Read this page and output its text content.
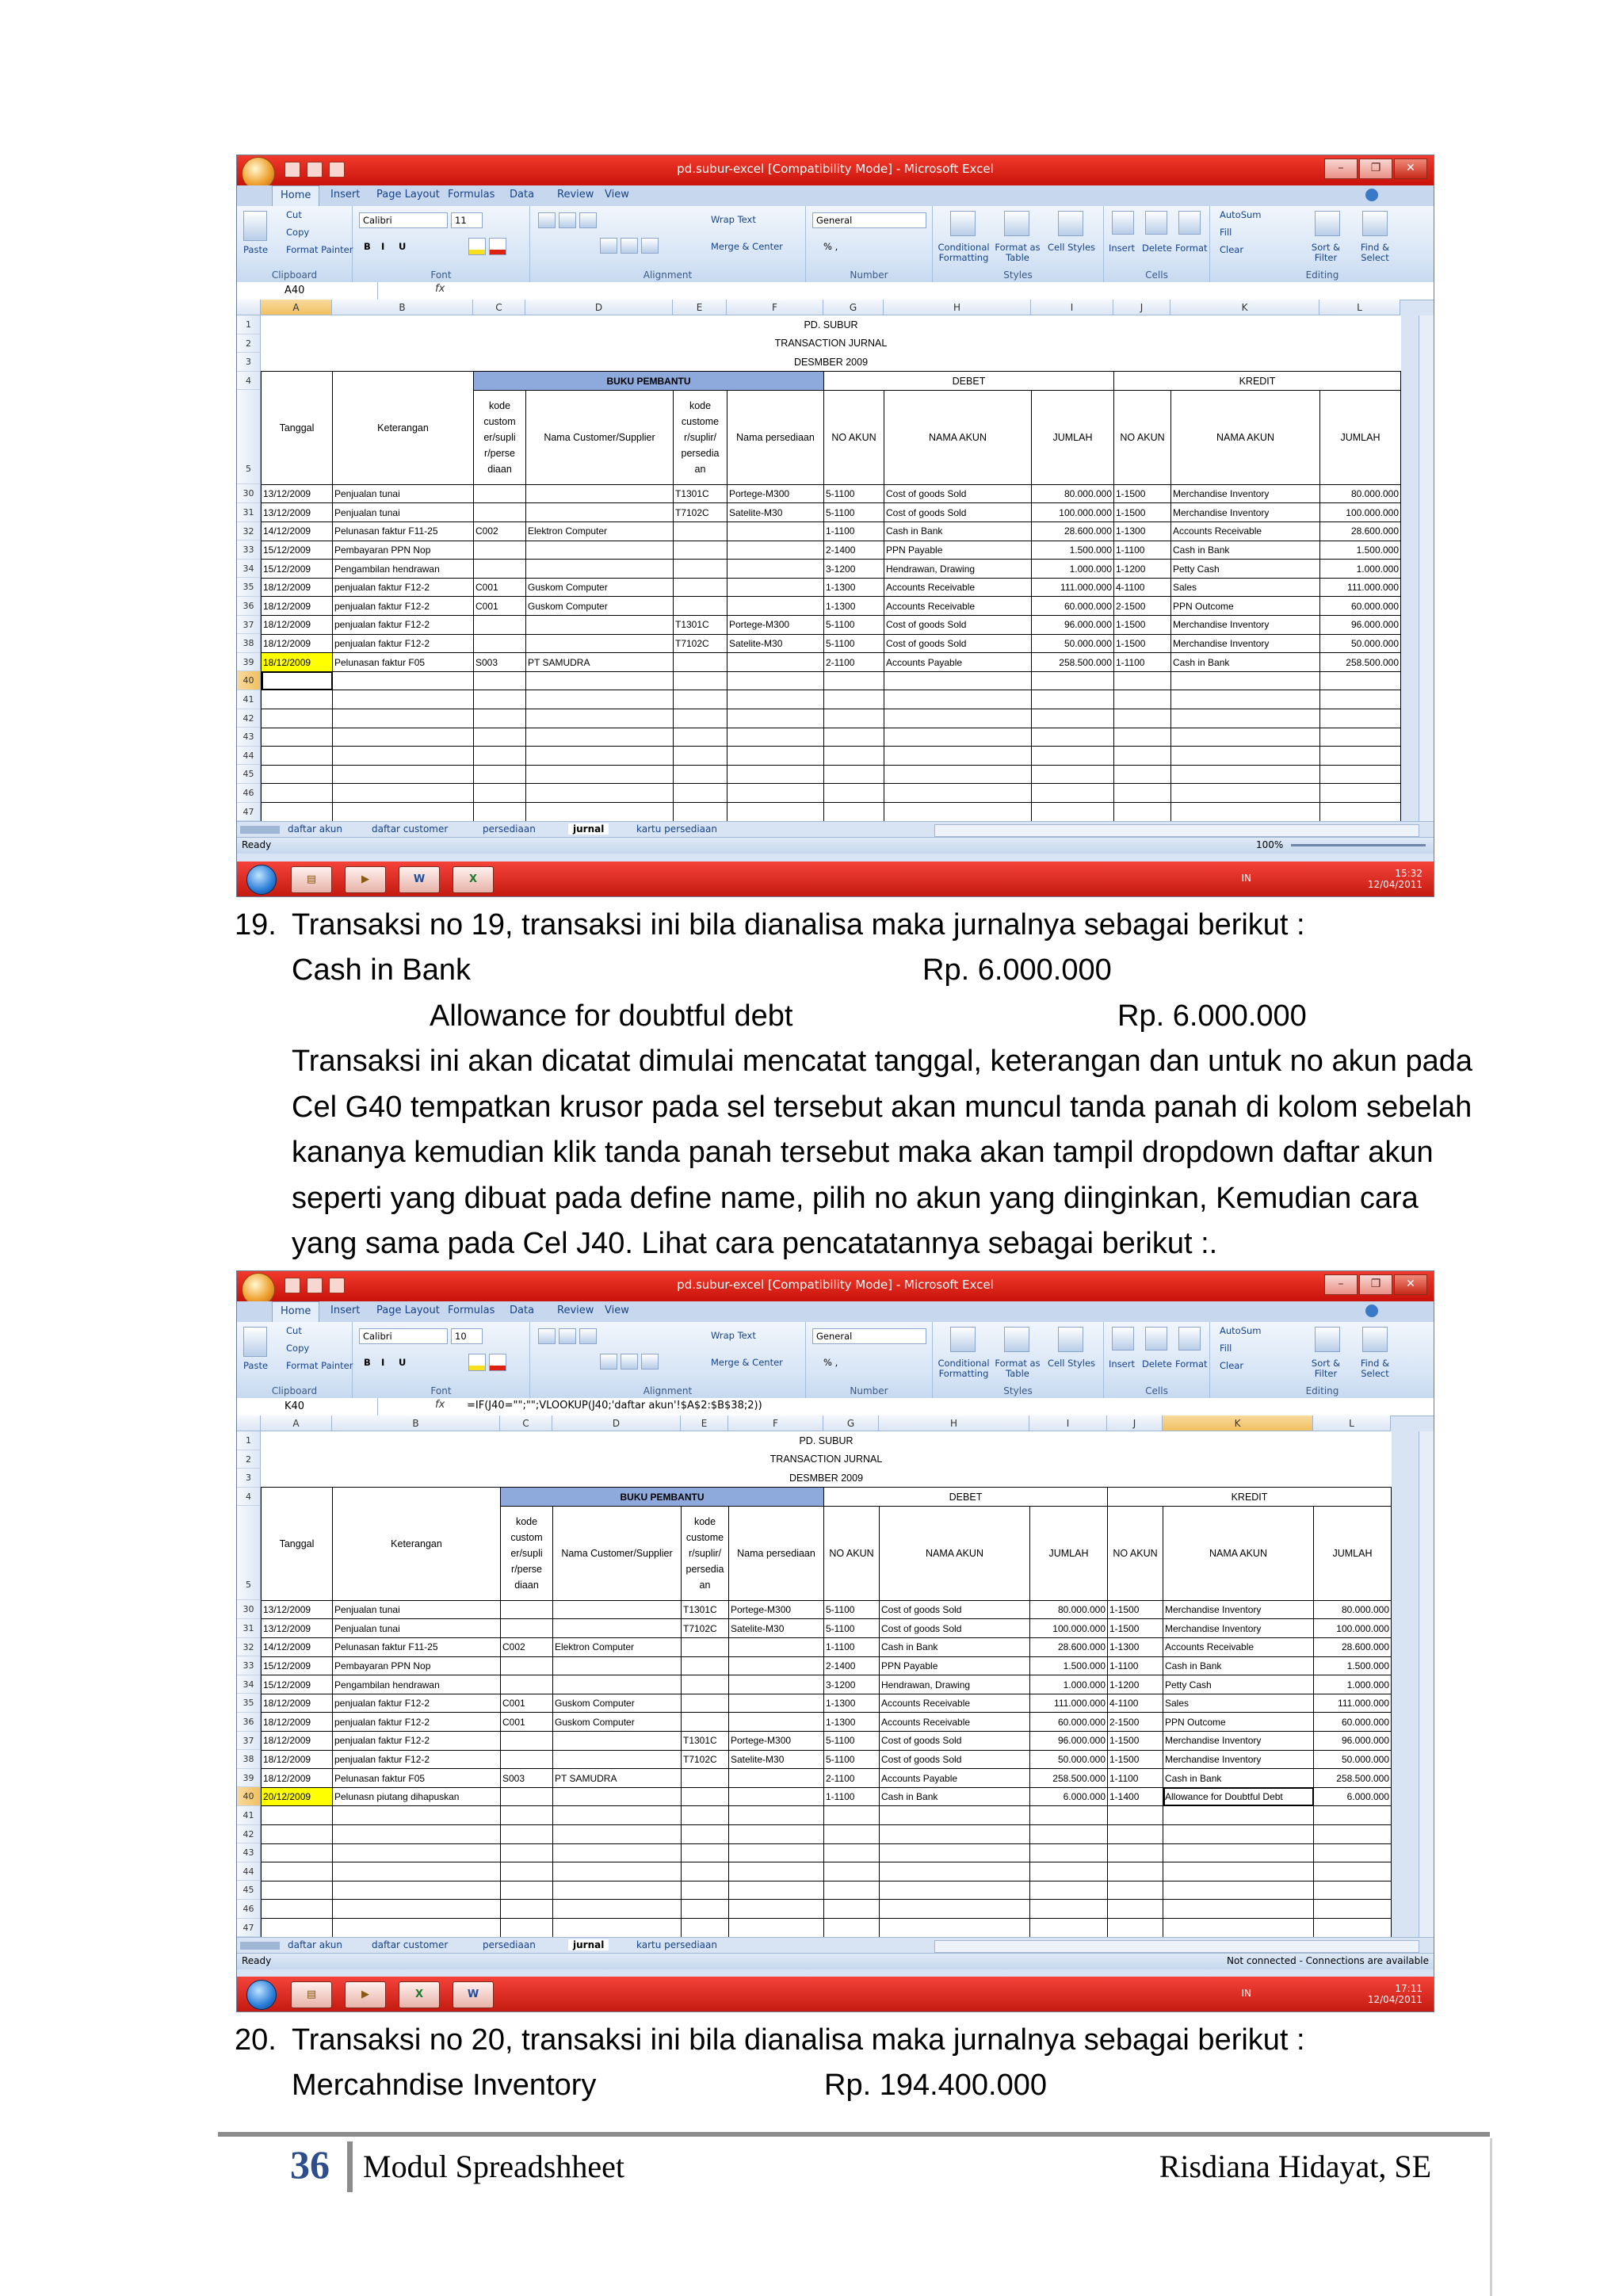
pd.subur-excel [Compatibility Mode] - Microsoft Excel	–	❐	✕
Home	Insert Page Layout Formulas Data Review View
Clipboard	Font	Alignment	Number	Styles	Cells	Editing
Paste
Cut
Copy
Format Painter
Calibri	11
B I U
Wrap Text
Merge & Center
General
% ,	Conditional Formatting
Format as Table
Cell Styles Insert Delete Format
AutoSum
Fill
Clear	Sort & Filter
Find & Select
A40	fx
A	B	C	D	E	F	G	H	I	J	K	L
1
2
3
4
5
30
31
32
33
34
35
36
37
38
39
40
41
42
43
44
45
46
47
PD. SUBUR											
TRANSACTION JURNAL											
DESMBER 2009											
Tanggal	Keterangan	BUKU PEMBANTU				DEBET			KREDIT		
		kode custom er/supli r/perse diaan	Nama Customer/Supplier	kode custome r/suplir/ persedia an	Nama persediaan	NO AKUN	NAMA AKUN	JUMLAH	NO AKUN	NAMA AKUN	JUMLAH
13/12/2009	Penjualan tunai			T1301C	Portege-M300	5-1100	Cost of goods Sold	80.000.000	1-1500	Merchandise Inventory	80.000.000
13/12/2009	Penjualan tunai			T7102C	Satelite-M30	5-1100	Cost of goods Sold	100.000.000	1-1500	Merchandise Inventory	100.000.000
14/12/2009	Pelunasan faktur F11-25	C002	Elektron Computer			1-1100	Cash in Bank	28.600.000	1-1300	Accounts Receivable	28.600.000
15/12/2009	Pembayaran PPN Nop					2-1400	PPN Payable	1.500.000	1-1100	Cash in Bank	1.500.000
15/12/2009	Pengambilan hendrawan					3-1200	Hendrawan, Drawing	1.000.000	1-1200	Petty Cash	1.000.000
18/12/2009	penjualan faktur F12-2	C001	Guskom Computer			1-1300	Accounts Receivable	111.000.000	4-1100	Sales	111.000.000
18/12/2009	penjualan faktur F12-2	C001	Guskom Computer			1-1300	Accounts Receivable	60.000.000	2-1500	PPN Outcome	60.000.000
18/12/2009	penjualan faktur F12-2			T1301C	Portege-M300	5-1100	Cost of goods Sold	96.000.000	1-1500	Merchandise Inventory	96.000.000
18/12/2009	penjualan faktur F12-2			T7102C	Satelite-M30	5-1100	Cost of goods Sold	50.000.000	1-1500	Merchandise Inventory	50.000.000
18/12/2009	Pelunasan faktur F05	S003	PT SAMUDRA			2-1100	Accounts Payable	258.500.000	1-1100	Cash in Bank	258.500.000

daftar akun	daftar customer	persediaan	jurnal	kartu persediaan
Ready	100%
▤	▶	W	X	15:32
12/04/2011
IN
19. Transaksi no 19, transaksi ini bila dianalisa maka jurnalnya sebagai berikut :
Cash in Bank	Rp. 6.000.000
Allowance for doubtful debt	Rp. 6.000.000
Transaksi ini akan dicatat dimulai mencatat tanggal, keterangan dan untuk no akun pada
Cel G40 tempatkan krusor pada sel tersebut akan muncul tanda panah di kolom sebelah
kananya kemudian klik tanda panah tersebut maka akan tampil dropdown daftar akun
seperti yang dibuat pada define name, pilih no akun yang diinginkan, Kemudian cara
yang sama pada Cel J40. Lihat cara pencatatannya sebagai berikut :.
pd.subur-excel [Compatibility Mode] - Microsoft Excel	–	❐	✕
Home	Insert Page Layout Formulas Data Review View
Clipboard	Font	Alignment	Number	Styles	Cells	Editing
Paste
Cut
Copy
Format Painter
Calibri	10
B I U
Wrap Text
Merge & Center
General
% ,	Conditional Formatting
Format as Table
Cell Styles Insert Delete Format
AutoSum
Fill
Clear	Sort & Filter
Find & Select
K40	fx =IF(J40="";"";VLOOKUP(J40;'daftar akun'!$A$2:$B$38;2))
A	B	C	D	E	F	G	H	I	J	K	L
1
2
3
4
5
30
31
32
33
34
35
36
37
38
39
40
41
42
43
44
45
46
47
PD. SUBUR											
TRANSACTION JURNAL											
DESMBER 2009											
Tanggal	Keterangan	BUKU PEMBANTU				DEBET			KREDIT		
		kode custom er/supli r/perse diaan	Nama Customer/Supplier	kode custome r/suplir/ persedia an	Nama persediaan	NO AKUN	NAMA AKUN	JUMLAH	NO AKUN	NAMA AKUN	JUMLAH
13/12/2009	Penjualan tunai			T1301C	Portege-M300	5-1100	Cost of goods Sold	80.000.000	1-1500	Merchandise Inventory	80.000.000
13/12/2009	Penjualan tunai			T7102C	Satelite-M30	5-1100	Cost of goods Sold	100.000.000	1-1500	Merchandise Inventory	100.000.000
14/12/2009	Pelunasan faktur F11-25	C002	Elektron Computer			1-1100	Cash in Bank	28.600.000	1-1300	Accounts Receivable	28.600.000
15/12/2009	Pembayaran PPN Nop					2-1400	PPN Payable	1.500.000	1-1100	Cash in Bank	1.500.000
15/12/2009	Pengambilan hendrawan					3-1200	Hendrawan, Drawing	1.000.000	1-1200	Petty Cash	1.000.000
18/12/2009	penjualan faktur F12-2	C001	Guskom Computer			1-1300	Accounts Receivable	111.000.000	4-1100	Sales	111.000.000
18/12/2009	penjualan faktur F12-2	C001	Guskom Computer			1-1300	Accounts Receivable	60.000.000	2-1500	PPN Outcome	60.000.000
18/12/2009	penjualan faktur F12-2			T1301C	Portege-M300	5-1100	Cost of goods Sold	96.000.000	1-1500	Merchandise Inventory	96.000.000
18/12/2009	penjualan faktur F12-2			T7102C	Satelite-M30	5-1100	Cost of goods Sold	50.000.000	1-1500	Merchandise Inventory	50.000.000
18/12/2009	Pelunasan faktur F05	S003	PT SAMUDRA			2-1100	Accounts Payable	258.500.000	1-1100	Cash in Bank	258.500.000
20/12/2009	Pelunasn piutang dihapuskan					1-1100	Cash in Bank	6.000.000	1-1400	Allowance for Doubtful Debt	6.000.000

daftar akun	daftar customer	persediaan	jurnal	kartu persediaan
Ready	Not connected - Connections are available
▤	▶	X	W	17:11
12/04/2011
IN
20. Transaksi no 20, transaksi ini bila dianalisa maka jurnalnya sebagai berikut :
Mercahndise Inventory	Rp. 194.400.000
36 Modul Spreadshheet	Risdiana Hidayat, SE
